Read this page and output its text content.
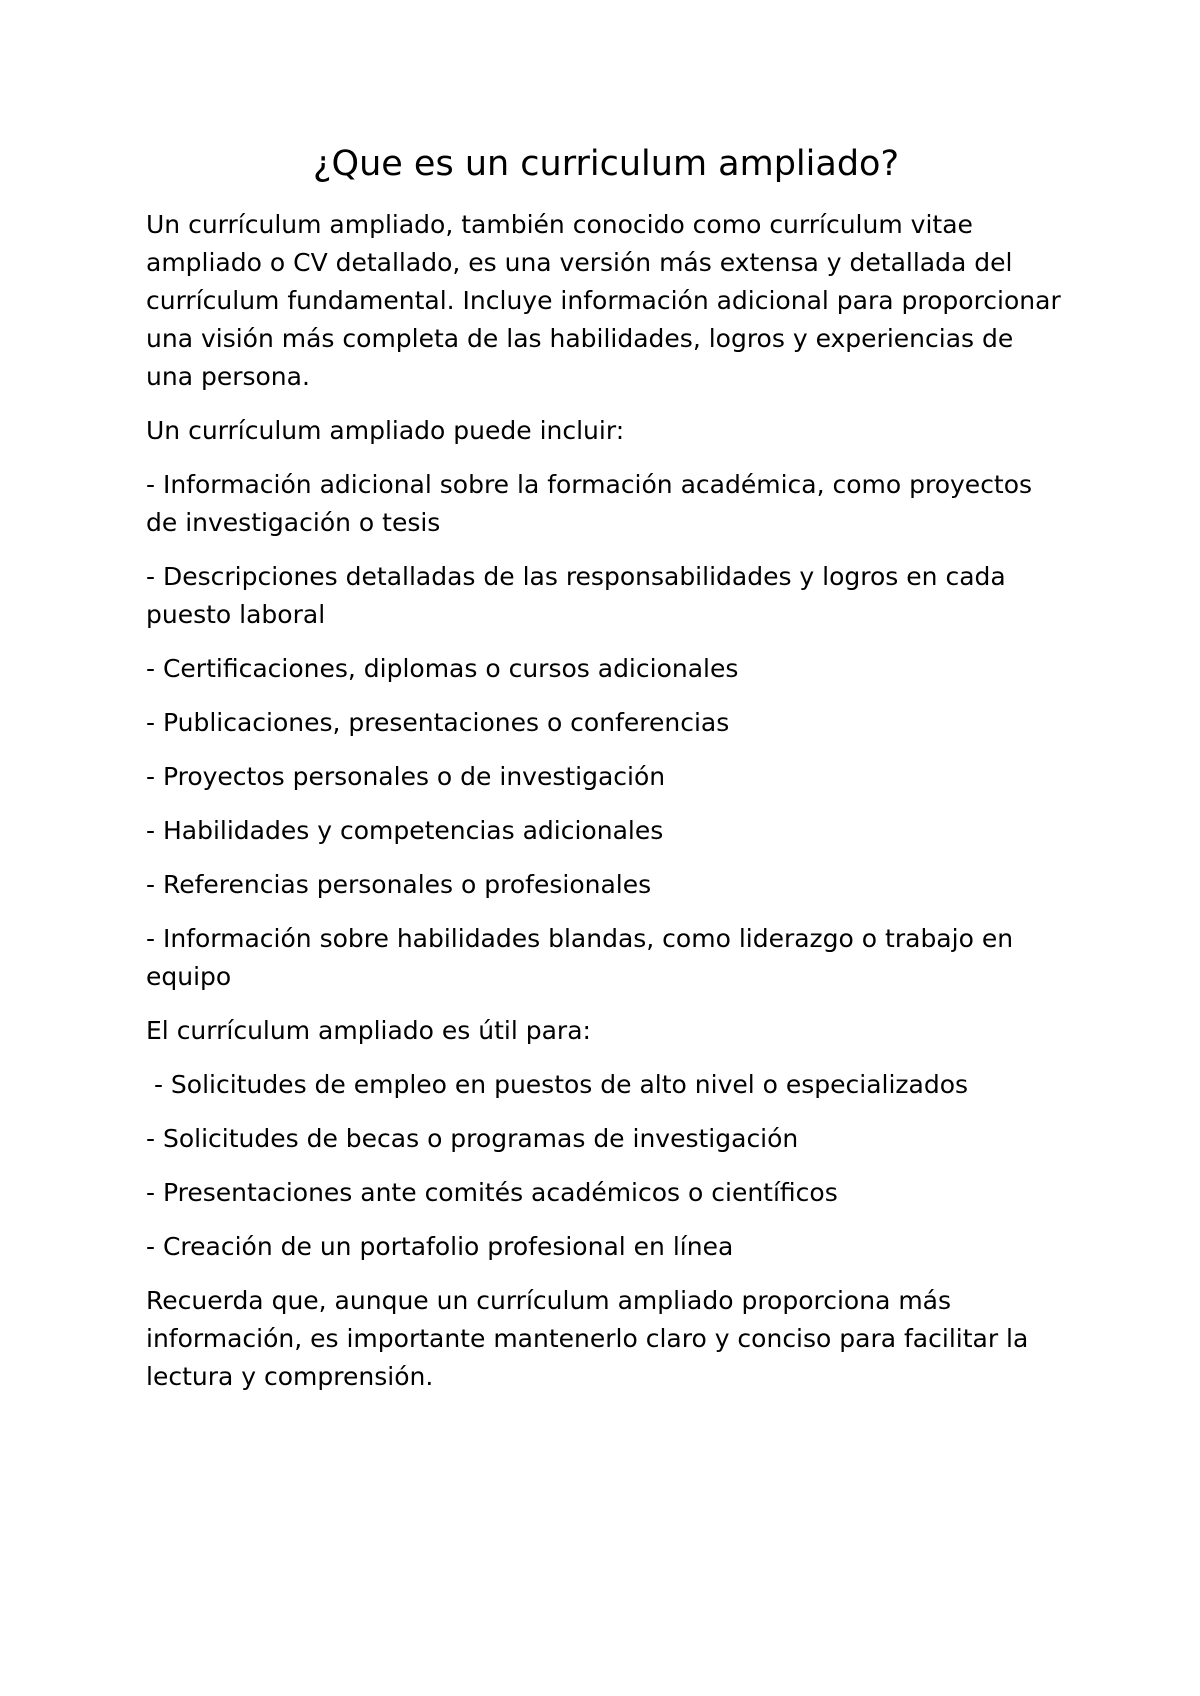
¿Que es un curriculum ampliado?

Un currículum ampliado, también conocido como currículum vitae ampliado o CV detallado, es una versión más extensa y detallada del currículum fundamental. Incluye información adicional para proporcionar una visión más completa de las habilidades, logros y experiencias de una persona.

Un currículum ampliado puede incluir:

- Información adicional sobre la formación académica, como proyectos de investigación o tesis

- Descripciones detalladas de las responsabilidades y logros en cada puesto laboral

- Certificaciones, diplomas o cursos adicionales

- Publicaciones, presentaciones o conferencias

- Proyectos personales o de investigación

- Habilidades y competencias adicionales

- Referencias personales o profesionales

- Información sobre habilidades blandas, como liderazgo o trabajo en equipo

El currículum ampliado es útil para:

- Solicitudes de empleo en puestos de alto nivel o especializados

- Solicitudes de becas o programas de investigación

- Presentaciones ante comités académicos o científicos

- Creación de un portafolio profesional en línea

Recuerda que, aunque un currículum ampliado proporciona más información, es importante mantenerlo claro y conciso para facilitar la lectura y comprensión.
